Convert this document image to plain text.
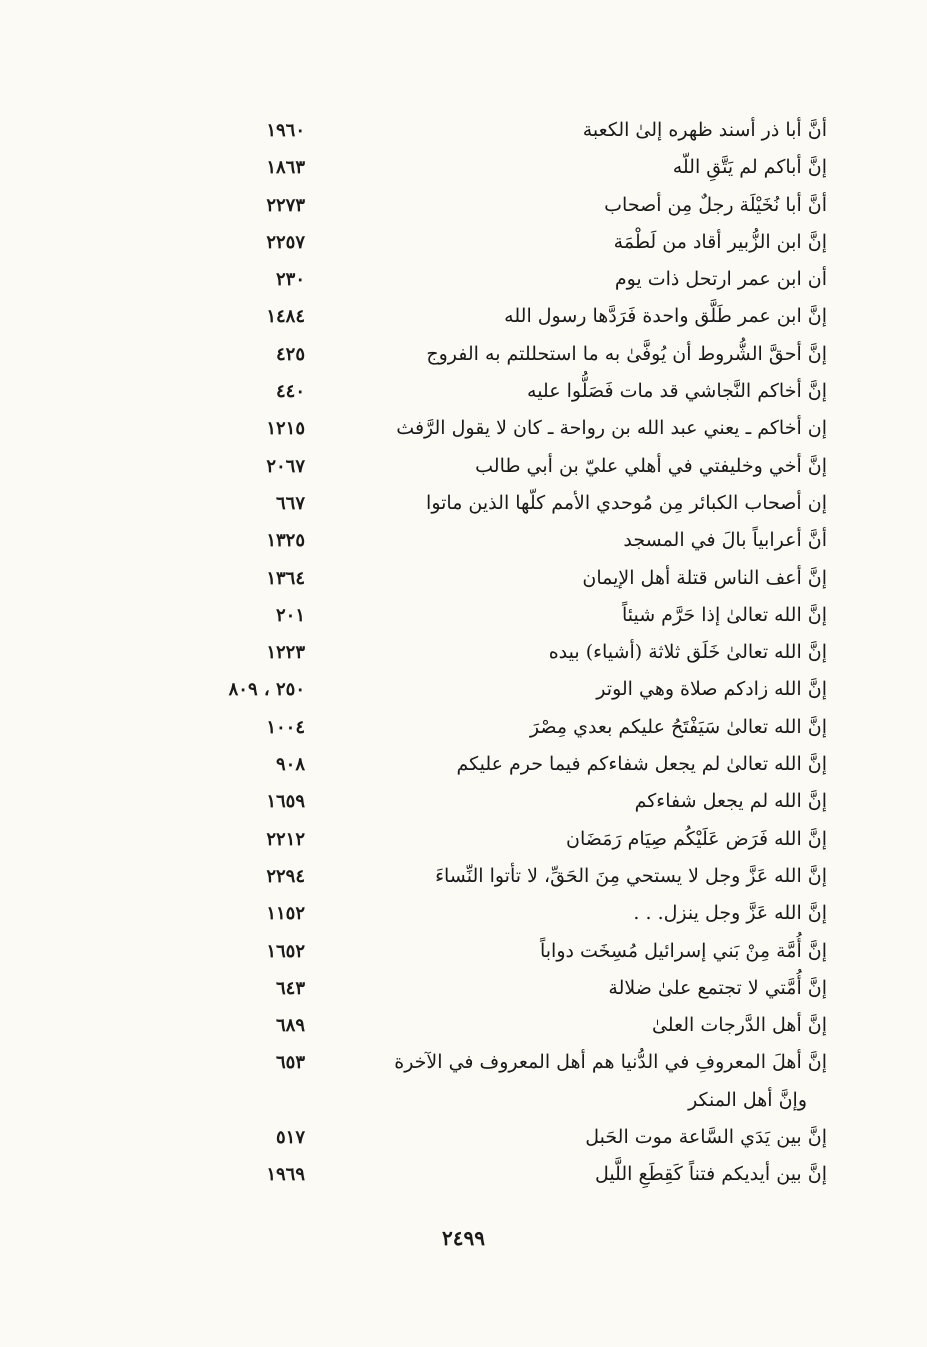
أنَّ أبا ذر أسند ظهره إلىٰ الكعبة
١٩٦٠
إنَّ أباكم لم يَتَّقِ اللّه
١٨٦٣
أنَّ أبا نُخَيْلَة رجلٌ مِن أصحاب
٢٢٧٣
إنَّ ابن الزُّبير أقاد من لَطْمَة
٢٢٥٧
أن ابن عمر ارتحل ذات يوم
٢٣٠
إنَّ ابن عمر طَلَّق واحدة فَرَدَّها رسول الله
١٤٨٤
إنَّ أحقَّ الشُّروط أن يُوفَّىٰ به ما استحللتم به الفروج
٤٢٥
إنَّ أخاكم النَّجاشي قد مات فَصَلُّوا عليه
٤٤٠
إن أخاكم ـ يعني عبد الله بن رواحة ـ كان لا يقول الرَّفث
١٢١٥
إنَّ أخي وخليفتي في أهلي عليّ بن أبي طالب
٢٠٦٧
إن أصحاب الكبائر مِن مُوحدي الأمم كلّها الذين ماتوا
٦٦٧
أنَّ أعرابياً بالَ في المسجد
١٣٢٥
إنَّ أعف الناس قتلة أهل الإيمان
١٣٦٤
إنَّ الله تعالىٰ إذا حَرَّم شيئاً
٢٠١
إنَّ الله تعالىٰ خَلَق ثلاثة (أشياء) بيده
١٢٢٣
إنَّ الله زادكم صلاة وهي الوتر
٢٥٠ ، ٨٠٩
إنَّ الله تعالىٰ سَيَفْتَحُ عليكم بعدي مِصْرَ
١٠٠٤
إنَّ الله تعالىٰ لم يجعل شفاءكم فيما حرم عليكم
٩٠٨
إنَّ الله لم يجعل شفاءكم
١٦٥٩
إنَّ الله فَرَض عَلَيْكُم صِيَام رَمَضَان
٢٢١٢
إنَّ الله عَزَّ وجل لا يستحي مِنَ الحَقِّ، لا تأتوا النِّساءَ
٢٢٩٤
إنَّ الله عَزَّ وجل ينزل. . .
١١٥٢
إنَّ أُمَّة مِنْ بَني إسرائيل مُسِخَت دواباً
١٦٥٢
إنَّ أُمَّتي لا تجتمع علىٰ ضلالة
٦٤٣
إنَّ أهل الدَّرجات العلىٰ
٦٨٩
إنَّ أهلَ المعروفِ في الدُّنيا هم أهل المعروف في الآخرة
٦٥٣
وإنَّ أهل المنكر
إنَّ بين يَدَي السَّاعة موت الحَبل
٥١٧
إنَّ بين أيديكم فتناً كَقِطَعِ اللَّيل
١٩٦٩
٢٤٩٩
